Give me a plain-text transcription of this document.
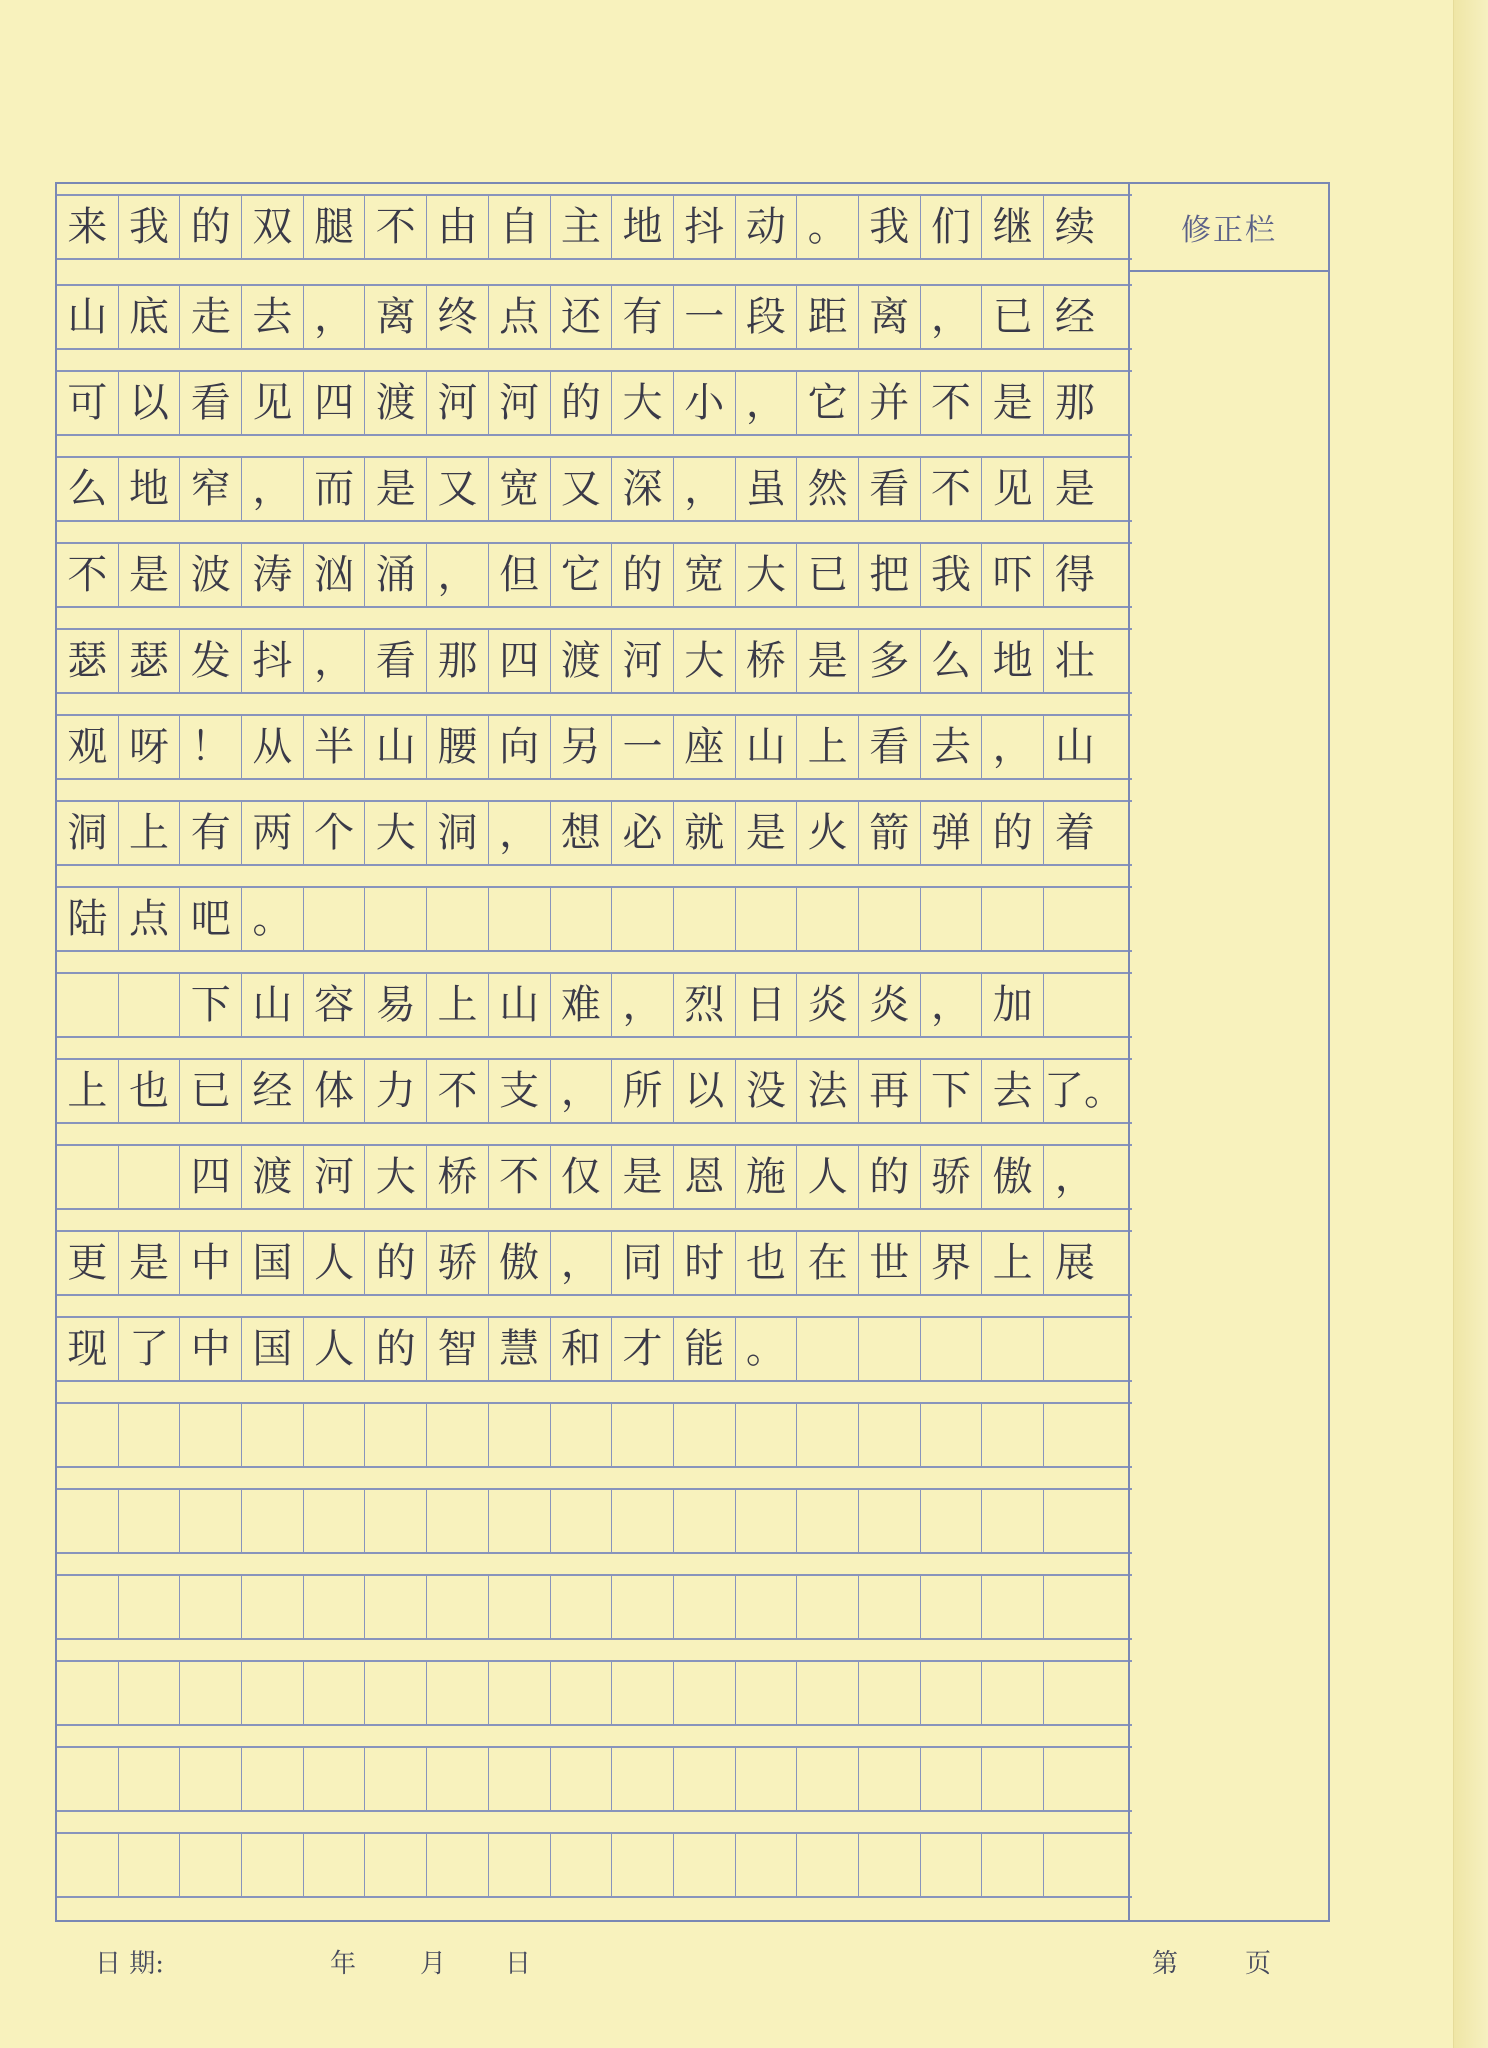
来 我 的 双 腿 不 由 自 主 地 抖 动 。 我 们 继 续
山 底 走 去 ， 离 终 点 还 有 一 段 距 离 ， 已 经
可 以 看 见 四 渡 河 河 的 大 小 ， 它 并 不 是 那
么 地 窄 ， 而 是 又 宽 又 深 ， 虽 然 看 不 见 是
不 是 波 涛 汹 涌 ， 但 它 的 宽 大 已 把 我 吓 得
瑟 瑟 发 抖 ， 看 那 四 渡 河 大 桥 是 多 么 地 壮
观 呀 ！ 从 半 山 腰 向 另 一 座 山 上 看 去 ， 山
洞 上 有 两 个 大 洞 ， 想 必 就 是 火 箭 弹 的 着
陆 点 吧 。
下 山 容 易 上 山 难 ， 烈 日 炎 炎 ， 加
上 也 已 经 体 力 不 支 ， 所 以 没 法 再 下 去 了。
四 渡 河 大 桥 不 仅 是 恩 施 人 的 骄 傲 ，
更 是 中 国 人 的 骄 傲 ， 同 时 也 在 世 界 上 展
现 了 中 国 人 的 智 慧 和 才 能 。
修正栏
日 期:	年 月 日	第	页
